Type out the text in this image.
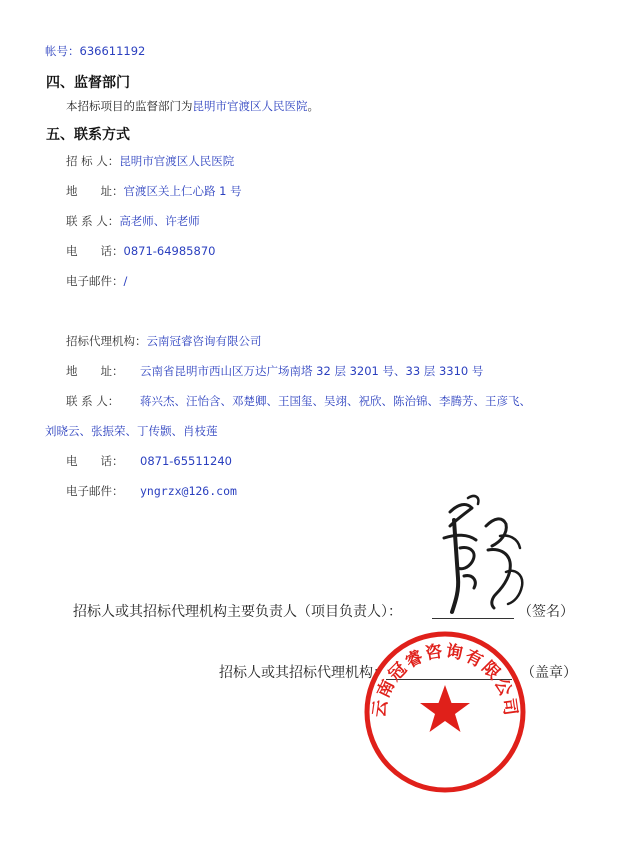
帐号：636611192
四、监督部门
本招标项目的监督部门为昆明市官渡区人民医院。
五、联系方式
招 标 人：昆明市官渡区人民医院
地　　址：官渡区关上仁心路 1 号
联 系 人：高老师、许老师
电　　话：0871-64985870
电子邮件：/
招标代理机构：云南冠睿咨询有限公司
地　　址： 云南省昆明市西山区万达广场南塔 32 层 3201 号、33 层 3310 号
联 系 人： 蒋兴杰、汪怡含、邓楚卿、王国玺、吴翊、祝欣、陈治锦、李腾芳、王彦飞、
刘晓云、张振荣、丁传颢、肖枝莲
电　　话： 0871-65511240
电子邮件： yngrzx@126.com
招标人或其招标代理机构主要负责人（项目负责人）：	（签名）
招标人或其招标代理机构：	（盖章）
云南冠睿咨询有限公司
